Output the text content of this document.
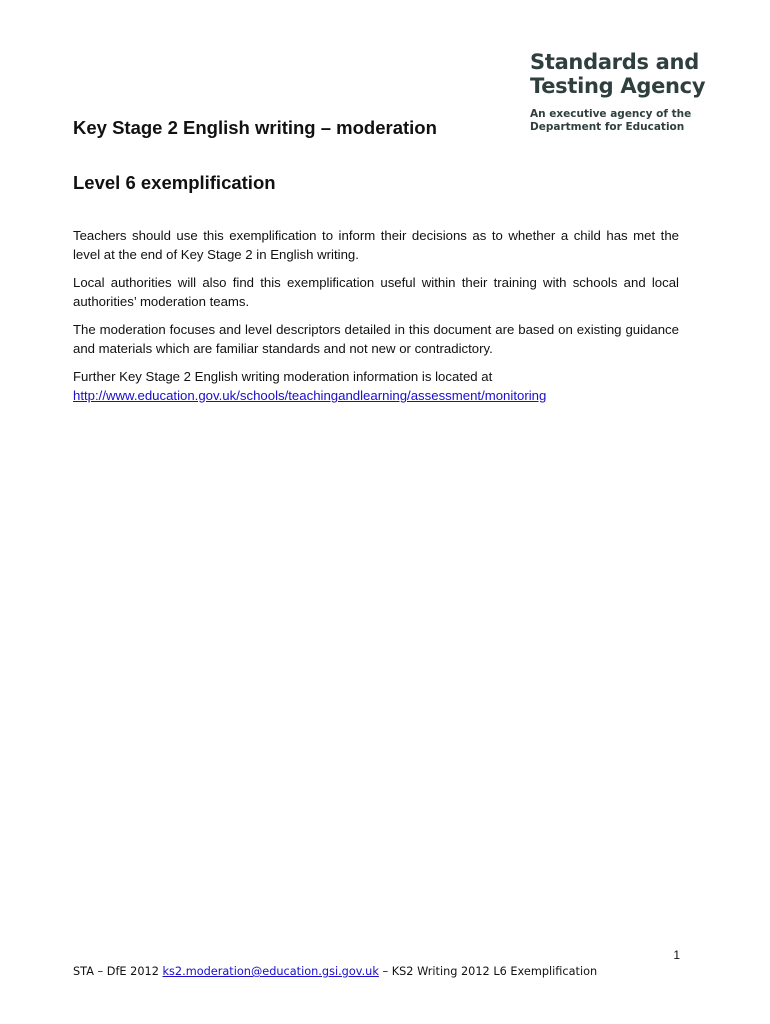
Standards and
Testing Agency
An executive agency of the
Department for Education
Key Stage 2 English writing – moderation
Level 6 exemplification

Teachers should use this exemplification to inform their decisions as to whether a child has met the level at the end of Key Stage 2 in English writing.

Local authorities will also find this exemplification useful within their training with schools and local authorities’ moderation teams.

The moderation focuses and level descriptors detailed in this document are based on existing guidance and materials which are familiar standards and not new or contradictory.

Further Key Stage 2 English writing moderation information is located at
http://www.education.gov.uk/schools/teachingandlearning/assessment/monitoring

1
STA – DfE 2012 ks2.moderation@education.gsi.gov.uk – KS2 Writing 2012 L6 Exemplification
